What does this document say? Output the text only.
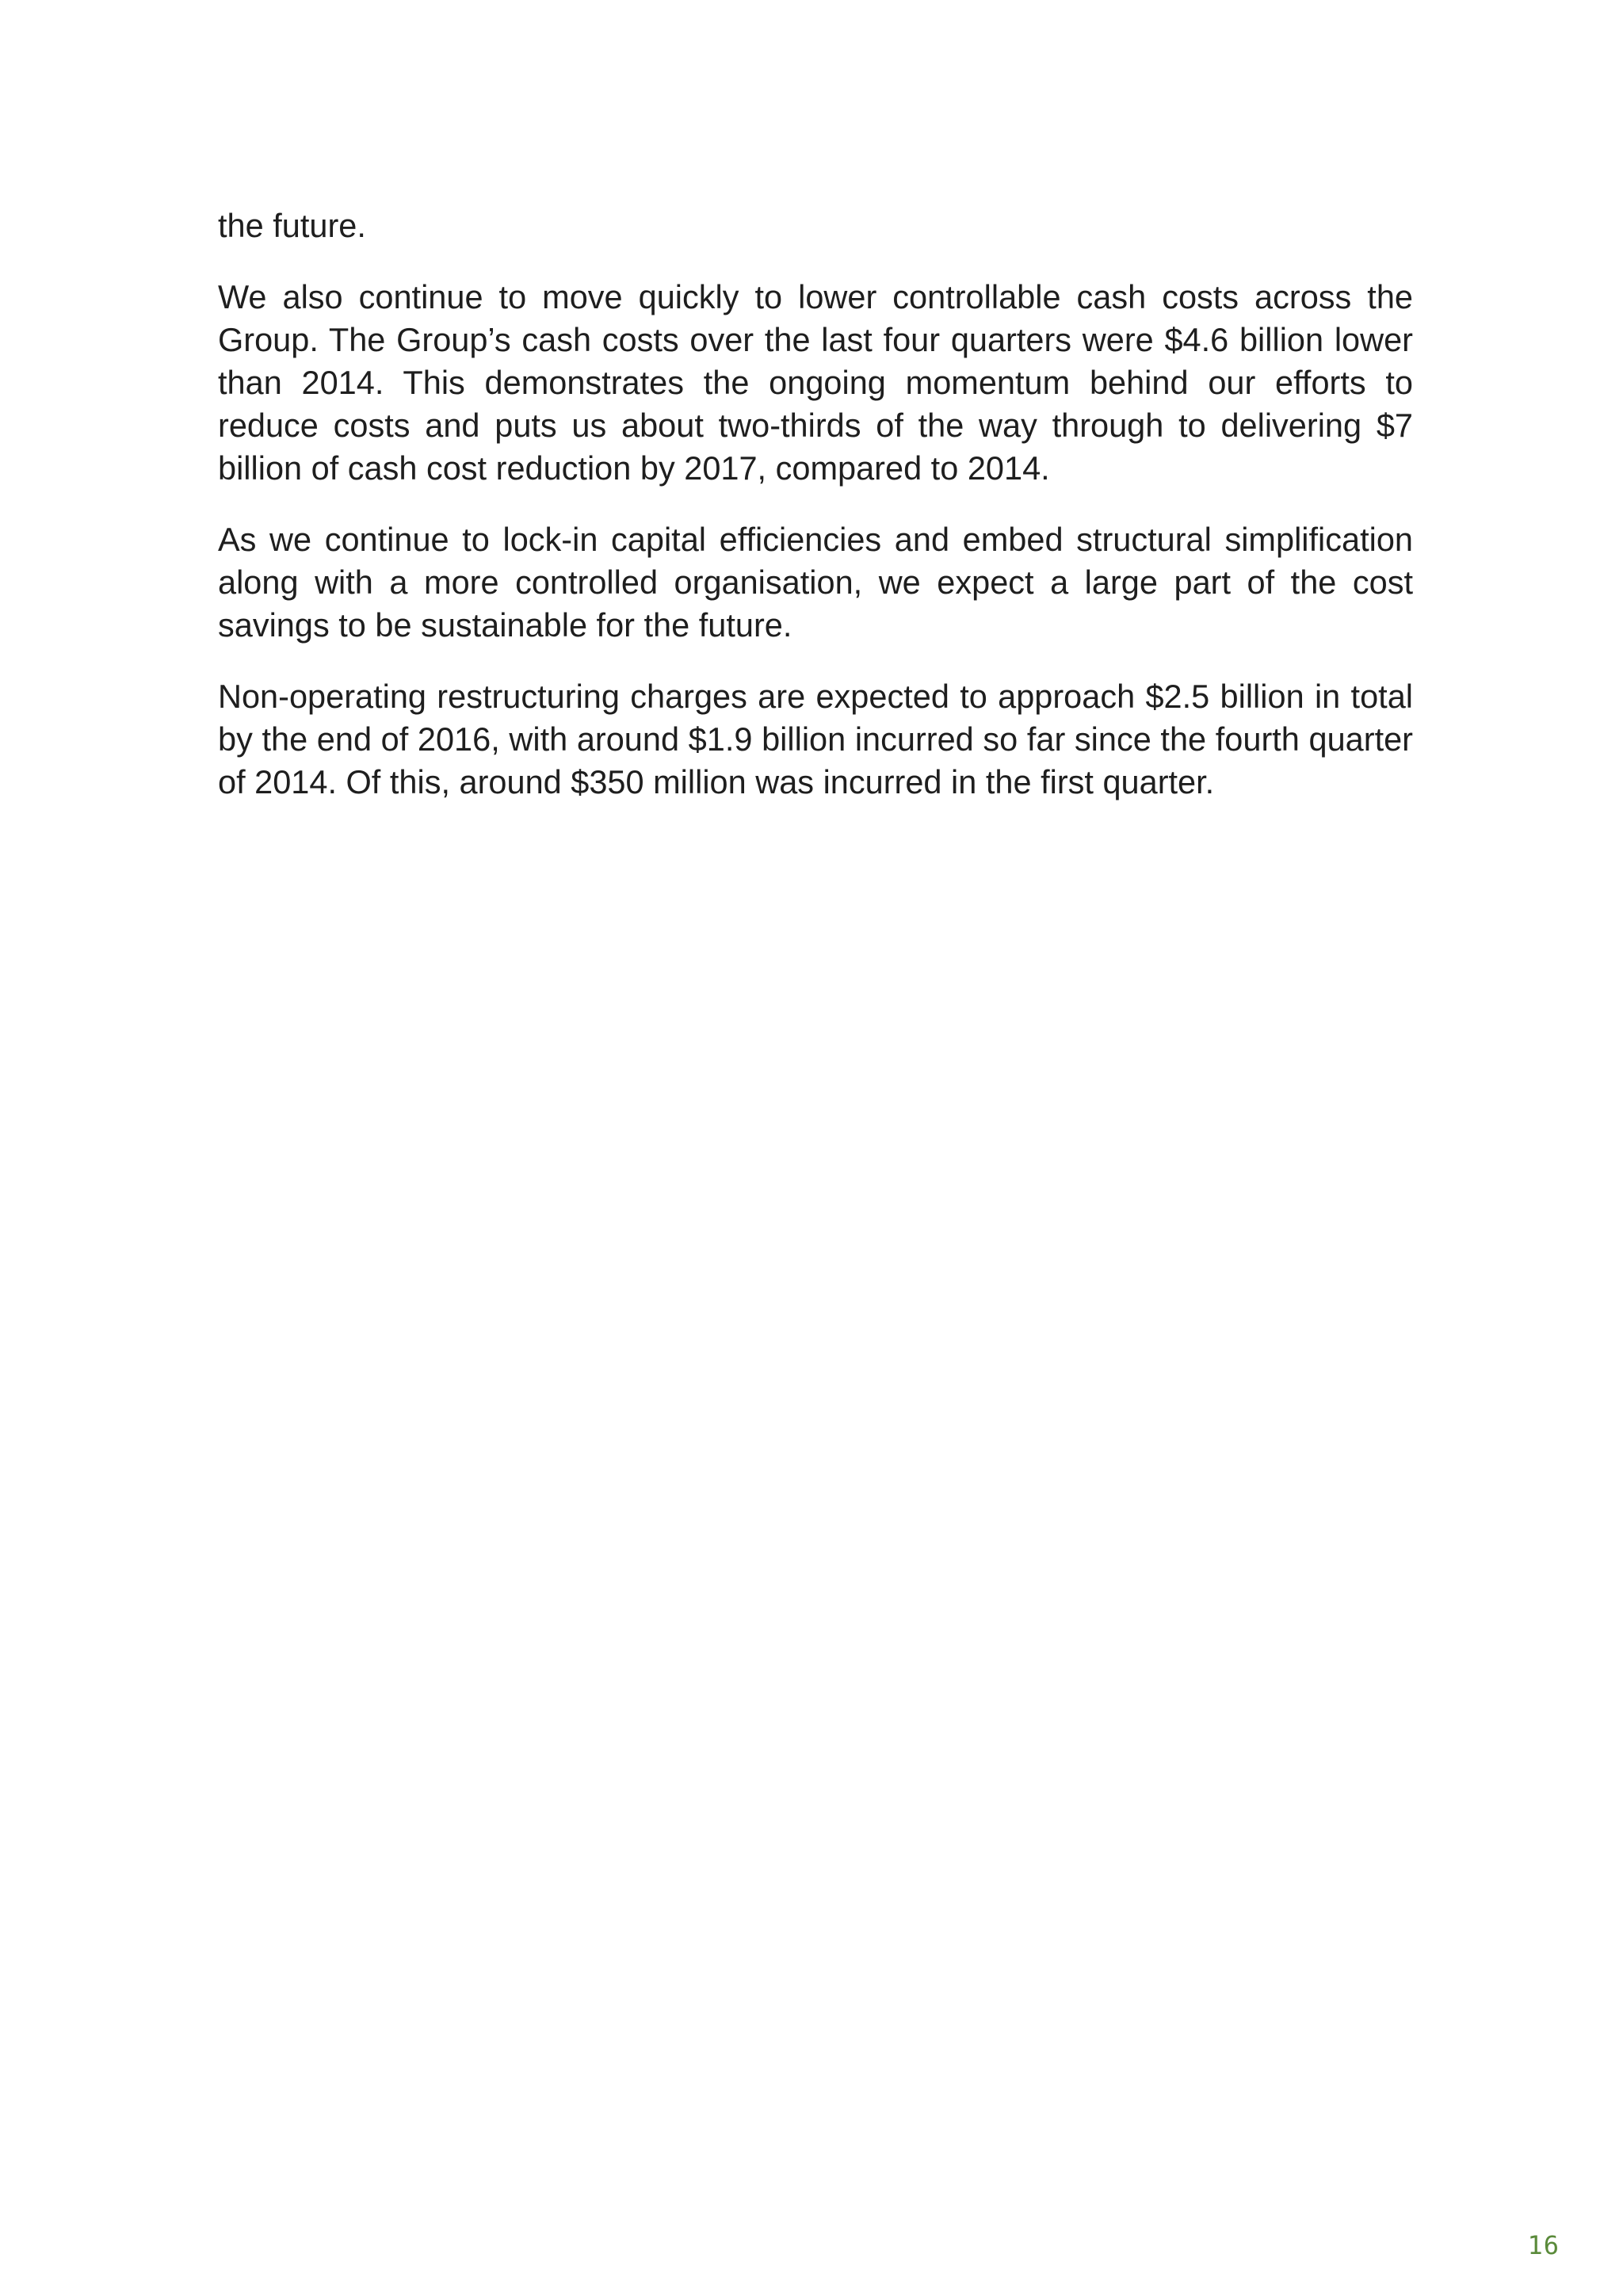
the future.

We also continue to move quickly to lower controllable cash costs across the Group. The Group’s cash costs over the last four quarters were $4.6 billion lower than 2014. This demonstrates the ongoing momentum behind our efforts to reduce costs and puts us about two-thirds of the way through to delivering $7 billion of cash cost reduction by 2017, compared to 2014.

As we continue to lock-in capital efficiencies and embed structural simplification along with a more controlled organisation, we expect a large part of the cost savings to be sustainable for the future.

Non-operating restructuring charges are expected to approach $2.5 billion in total by the end of 2016, with around $1.9 billion incurred so far since the fourth quarter of 2014. Of this, around $350 million was incurred in the first quarter.

16
